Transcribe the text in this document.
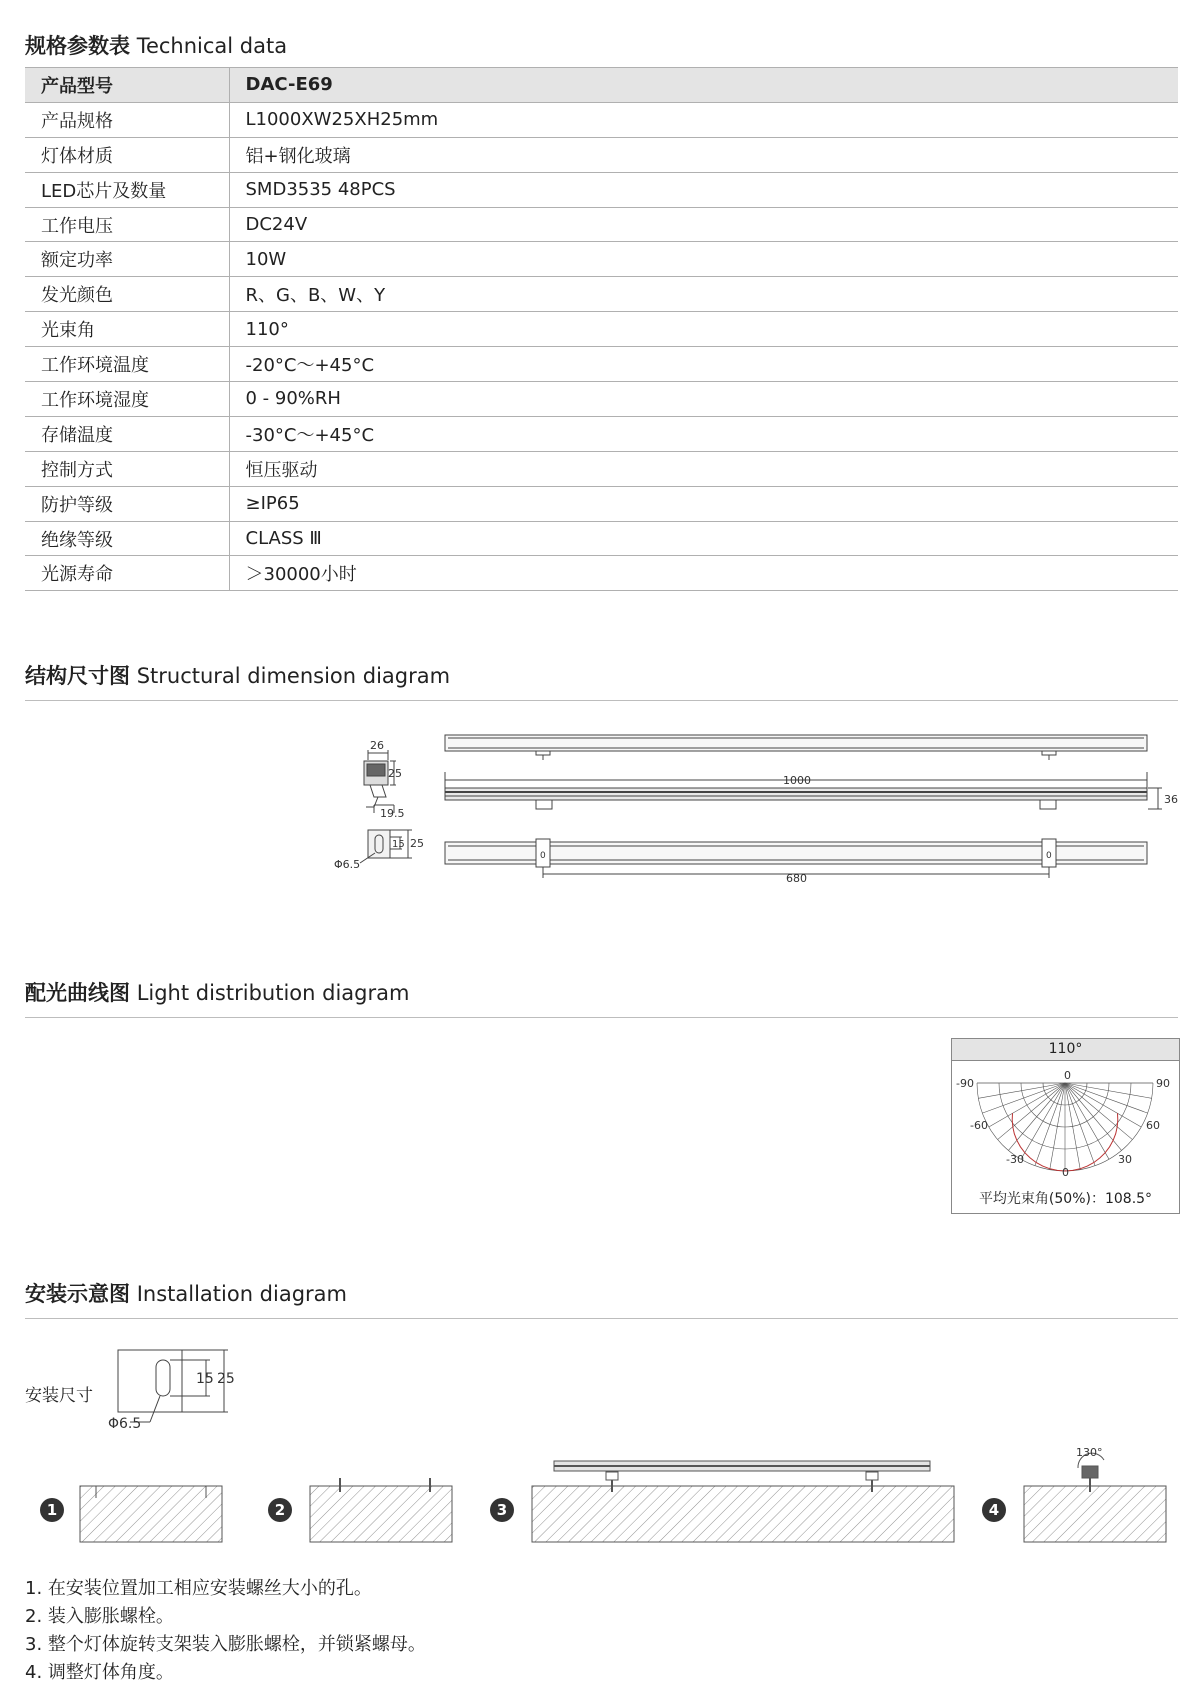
规格参数表 Technical data
产品型号	DAC-E69
产品规格	L1000XW25XH25mm
灯体材质	铝+钢化玻璃
LED芯片及数量	SMD3535 48PCS
工作电压	DC24V
额定功率	10W
发光颜色	R、G、B、W、Y
光束角	110°
工作环境温度	-20°C～+45°C
工作环境湿度	0 - 90%RH
存储温度	-30°C～+45°C
控制方式	恒压驱动
防护等级	≥IP65
绝缘等级	CLASS Ⅲ
光源寿命	＞30000小时
结构尺寸图 Structural dimension diagram
26
25
19.5
15 25
Φ6.5
1000
36
680
0	0
配光曲线图 Light distribution diagram
110°
0
-90	90
-60	60
-30	30
0
平均光束角(50%)：108.5°
安装示意图 Installation diagram
安装尺寸
15 25
Φ6.5
130°
1	2	3	4
1. 在安装位置加工相应安装螺丝大小的孔。
2. 装入膨胀螺栓。
3. 整个灯体旋转支架装入膨胀螺栓，并锁紧螺母。
4. 调整灯体角度。
